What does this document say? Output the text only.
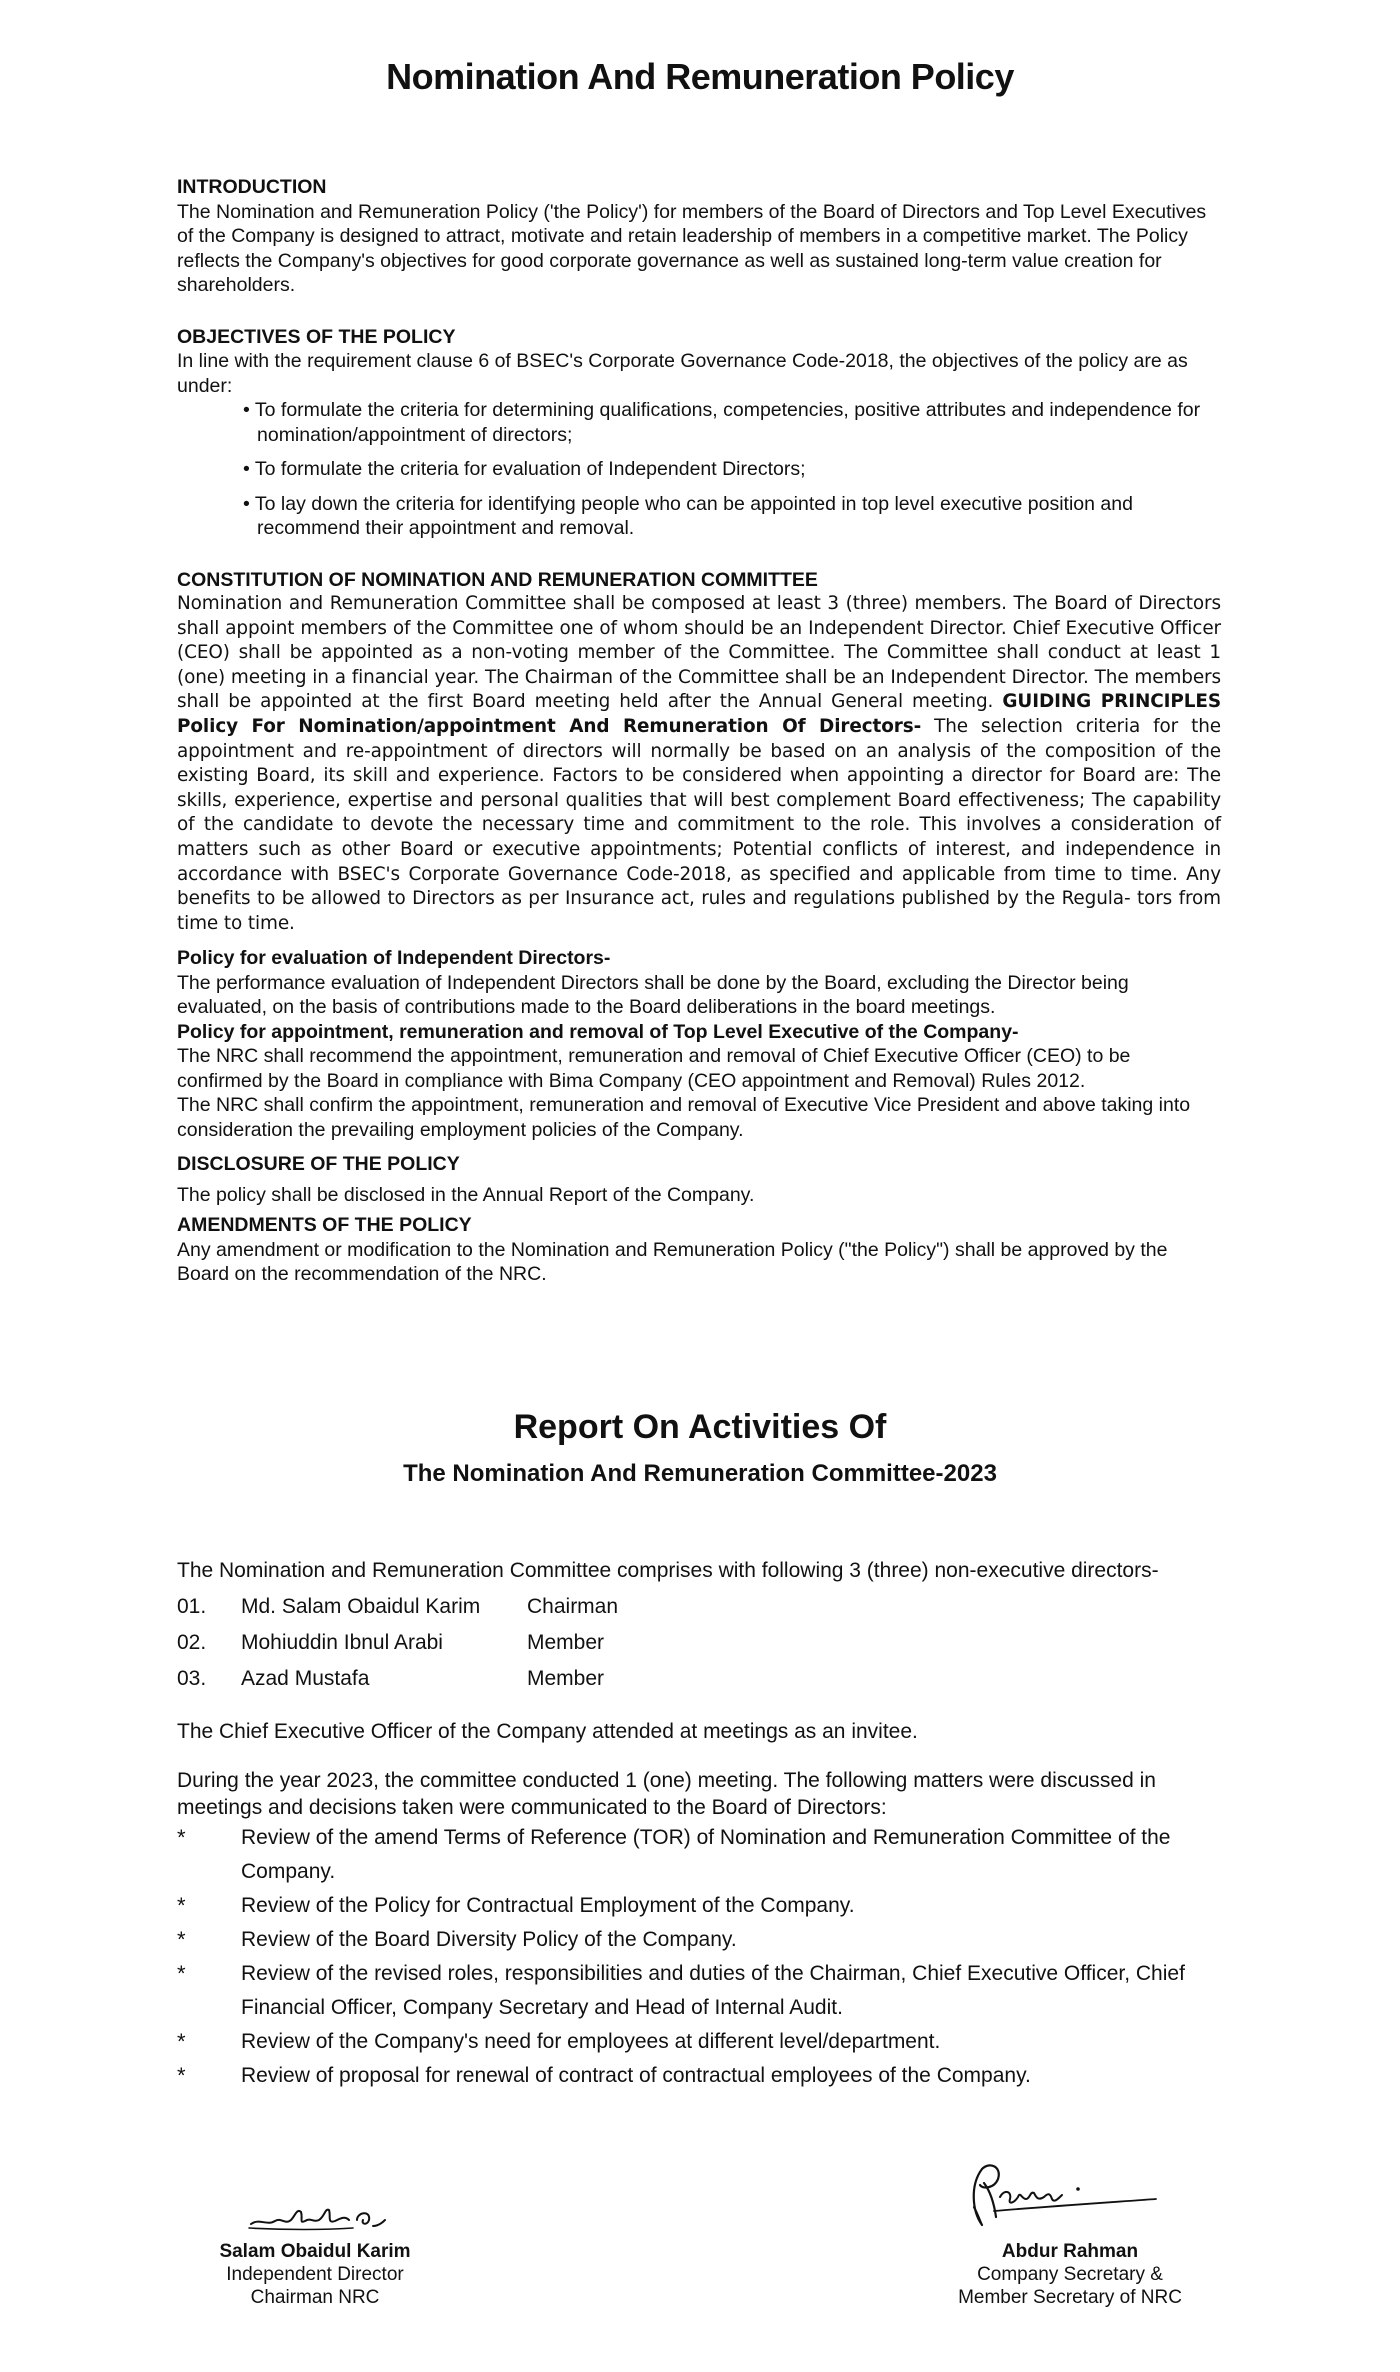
Nomination And Remuneration Policy

INTRODUCTION

The Nomination and Remuneration Policy ('the Policy') for members of the Board of Directors and Top Level Executives of the Company is designed to attract, motivate and retain leadership of members in a competitive market. The Policy reflects the Company's objectives for good corporate governance as well as sustained long-term value creation for shareholders.

OBJECTIVES OF THE POLICY

In line with the requirement clause 6 of BSEC's Corporate Governance Code-2018, the objectives of the policy are as under:

• To formulate the criteria for determining qualifications, competencies, positive attributes and independence for nomination/appointment of directors;

• To formulate the criteria for evaluation of Independent Directors;

• To lay down the criteria for identifying people who can be appointed in top level executive position and recommend their appointment and removal.

CONSTITUTION OF NOMINATION AND REMUNERATION COMMITTEE

Nomination and Remuneration Committee shall be composed at least 3 (three) members. The Board of Directors shall appoint members of the Committee one of whom should be an Independent Director. Chief Executive Officer (CEO) shall be appointed as a non-voting member of the Committee. The Committee shall conduct at least 1 (one) meeting in a financial year. The Chairman of the Committee shall be an Independent Director. The members shall be appointed at the first Board meeting held after the Annual General meeting. GUIDING PRINCIPLES Policy For Nomination/appointment And Remuneration Of Directors- The selection criteria for the appointment and re-appointment of directors will normally be based on an analysis of the composition of the existing Board, its skill and experience. Factors to be considered when appointing a director for Board are: The skills, experience, expertise and personal qualities that will best complement Board effectiveness; The capability of the candidate to devote the necessary time and commitment to the role. This involves a consideration of matters such as other Board or executive appointments; Potential conflicts of interest, and independence in accordance with BSEC's Corporate Governance Code-2018, as specified and applicable from time to time. Any benefits to be allowed to Directors as per Insurance act, rules and regulations published by the Regula- tors from time to time.

Policy for evaluation of Independent Directors-

The performance evaluation of Independent Directors shall be done by the Board, excluding the Director being evaluated, on the basis of contributions made to the Board deliberations in the board meetings.

Policy for appointment, remuneration and removal of Top Level Executive of the Company-

The NRC shall recommend the appointment, remuneration and removal of Chief Executive Officer (CEO) to be confirmed by the Board in compliance with Bima Company (CEO appointment and Removal) Rules 2012.

The NRC shall confirm the appointment, remuneration and removal of Executive Vice President and above taking into consideration the prevailing employment policies of the Company.

DISCLOSURE OF THE POLICY

The policy shall be disclosed in the Annual Report of the Company.

AMENDMENTS OF THE POLICY

Any amendment or modification to the Nomination and Remuneration Policy ("the Policy") shall be approved by the Board on the recommendation of the NRC.

Report On Activities Of
The Nomination And Remuneration Committee-2023

The Nomination and Remuneration Committee comprises with following 3 (three) non-executive directors-

01.	Md. Salam Obaidul Karim	Chairman
02.	Mohiuddin Ibnul Arabi	Member
03.	Azad Mustafa	Member

The Chief Executive Officer of the Company attended at meetings as an invitee.

During the year 2023, the committee conducted 1 (one) meeting. The following matters were discussed in meetings and decisions taken were communicated to the Board of Directors:

*	Review of the amend Terms of Reference (TOR) of Nomination and Remuneration Committee of the Company.
*	Review of the Policy for Contractual Employment of the Company.
*	Review of the Board Diversity Policy of the Company.
*	Review of the revised roles, responsibilities and duties of the Chairman, Chief Executive Officer, Chief Financial Officer, Company Secretary and Head of Internal Audit.
*	Review of the Company's need for employees at different level/department.
*	Review of proposal for renewal of contract of contractual employees of the Company.
Salam Obaidul Karim
Independent Director
Chairman NRC
Abdur Rahman
Company Secretary &
Member Secretary of NRC
